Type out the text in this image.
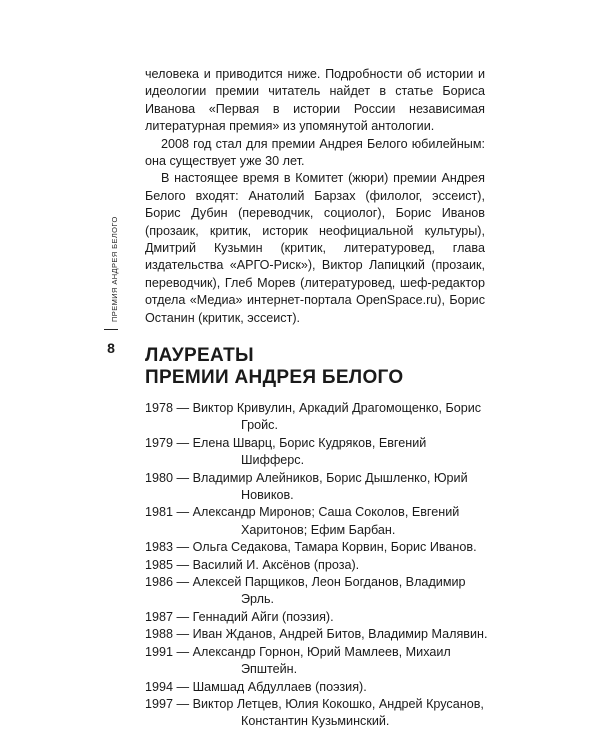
человека и приводится ниже. Подробности об истории и идеологии премии читатель найдет в статье Бориса Иванова «Первая в истории России независимая литературная премия» из упомянутой антологии.

2008 год стал для премии Андрея Белого юбилейным: она существует уже 30 лет.

В настоящее время в Комитет (жюри) премии Андрея Белого входят: Анатолий Барзах (филолог, эссеист), Борис Дубин (переводчик, социолог), Борис Иванов (прозаик, критик, историк неофициальной культуры), Дмитрий Кузьмин (критик, литературовед, глава издательства «АРГО-Риск»), Виктор Лапицкий (прозаик, переводчик), Глеб Морев (литературовед, шеф-редактор отдела «Медиа» интернет-портала OpenSpace.ru), Борис Останин (критик, эссеист).

ПРЕМИЯ АНДРЕЯ БЕЛОГО
8	ЛАУРЕАТЫ
ПРЕМИИ АНДРЕЯ БЕЛОГО
1978 — Виктор Кривулин, Аркадий Драгомощенко, Борис Гройс.
1979 — Елена Шварц, Борис Кудряков, Евгений Шифферс.
1980 — Владимир Алейников, Борис Дышленко, Юрий Новиков.
1981 — Александр Миронов; Саша Соколов, Евгений Харитонов; Ефим Барбан.
1983 — Ольга Седакова, Тамара Корвин, Борис Иванов.
1985 — Василий И. Аксёнов (проза).
1986 — Алексей Парщиков, Леон Богданов, Владимир Эрль.
1987 — Геннадий Айги (поэзия).
1988 — Иван Жданов, Андрей Битов, Владимир Малявин.
1991 — Александр Горнон, Юрий Мамлеев, Михаил Эпштейн.
1994 — Шамшад Абдуллаев (поэзия).
1997 — Виктор Летцев, Юлия Кокошко, Андрей Крусанов, Константин Кузьминский.
